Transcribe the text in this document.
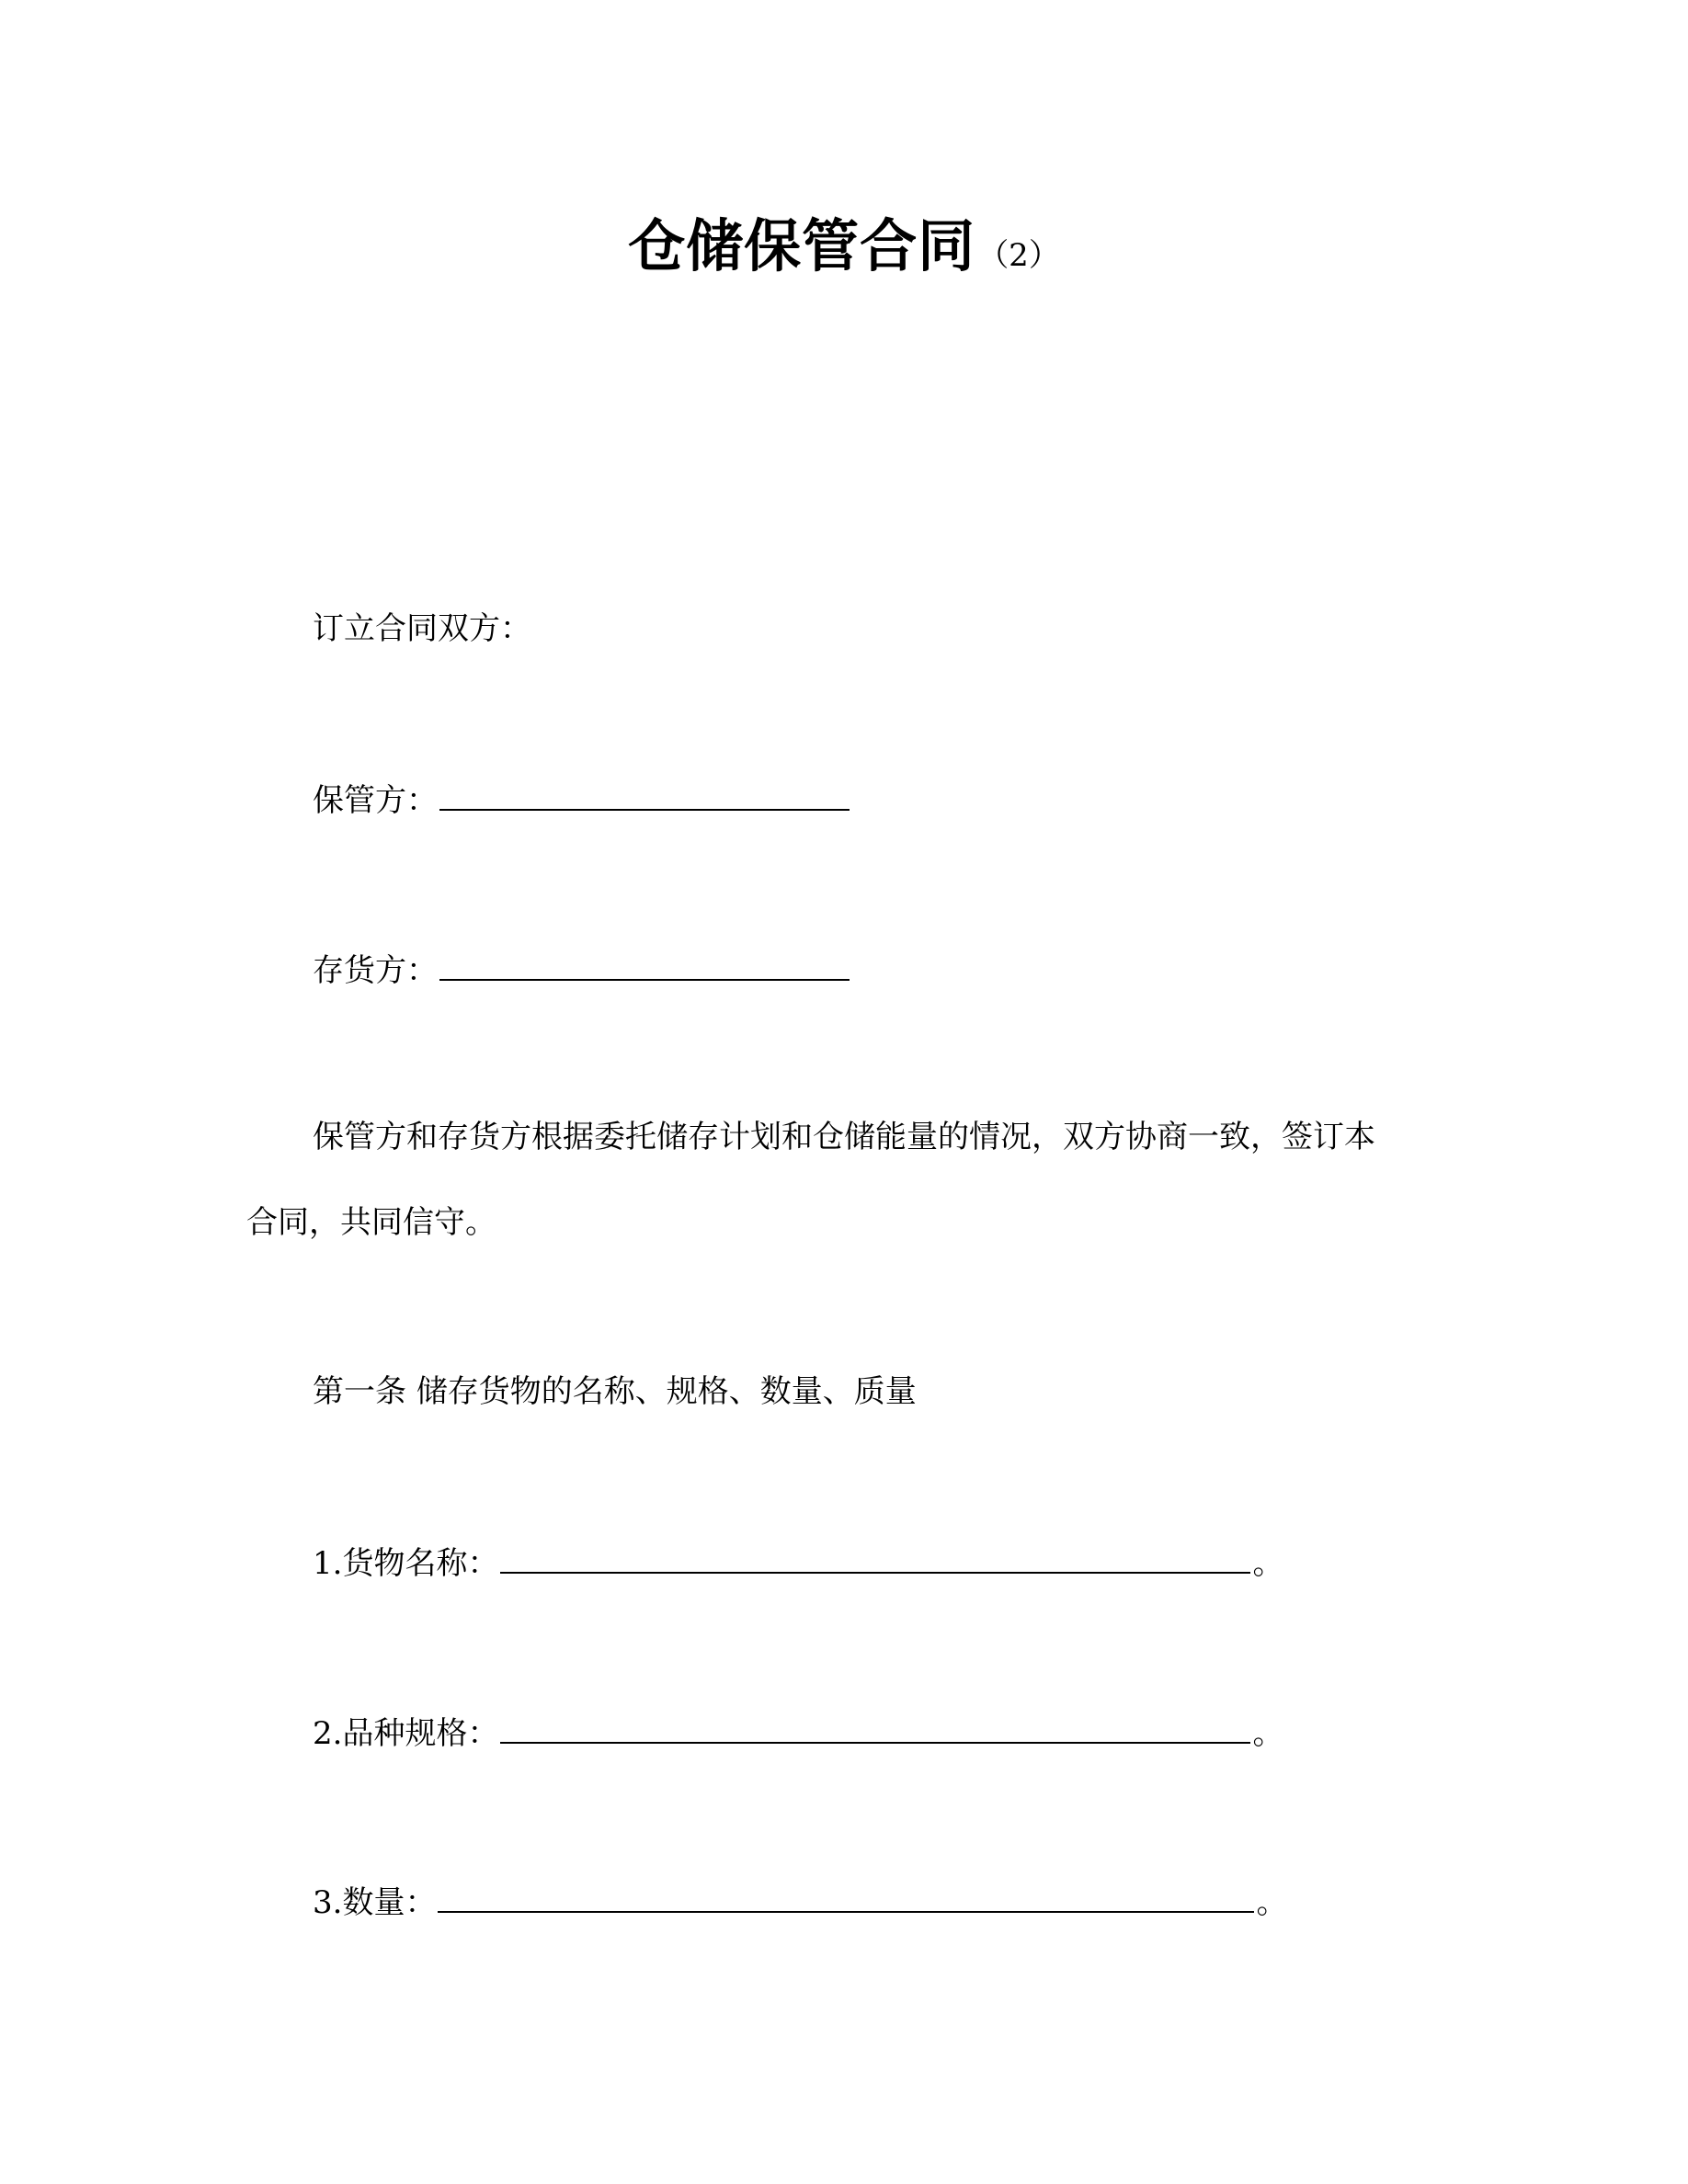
仓储保管合同（2）
订立合同双方：
保管方：
存货方：
保管方和存货方根据委托储存计划和仓储能量的情况，双方协商一致，签订本
合同，共同信守。
第一条 储存货物的名称、规格、数量、质量
1.货物名称：	。
2.品种规格：	。
3.数量：	。
